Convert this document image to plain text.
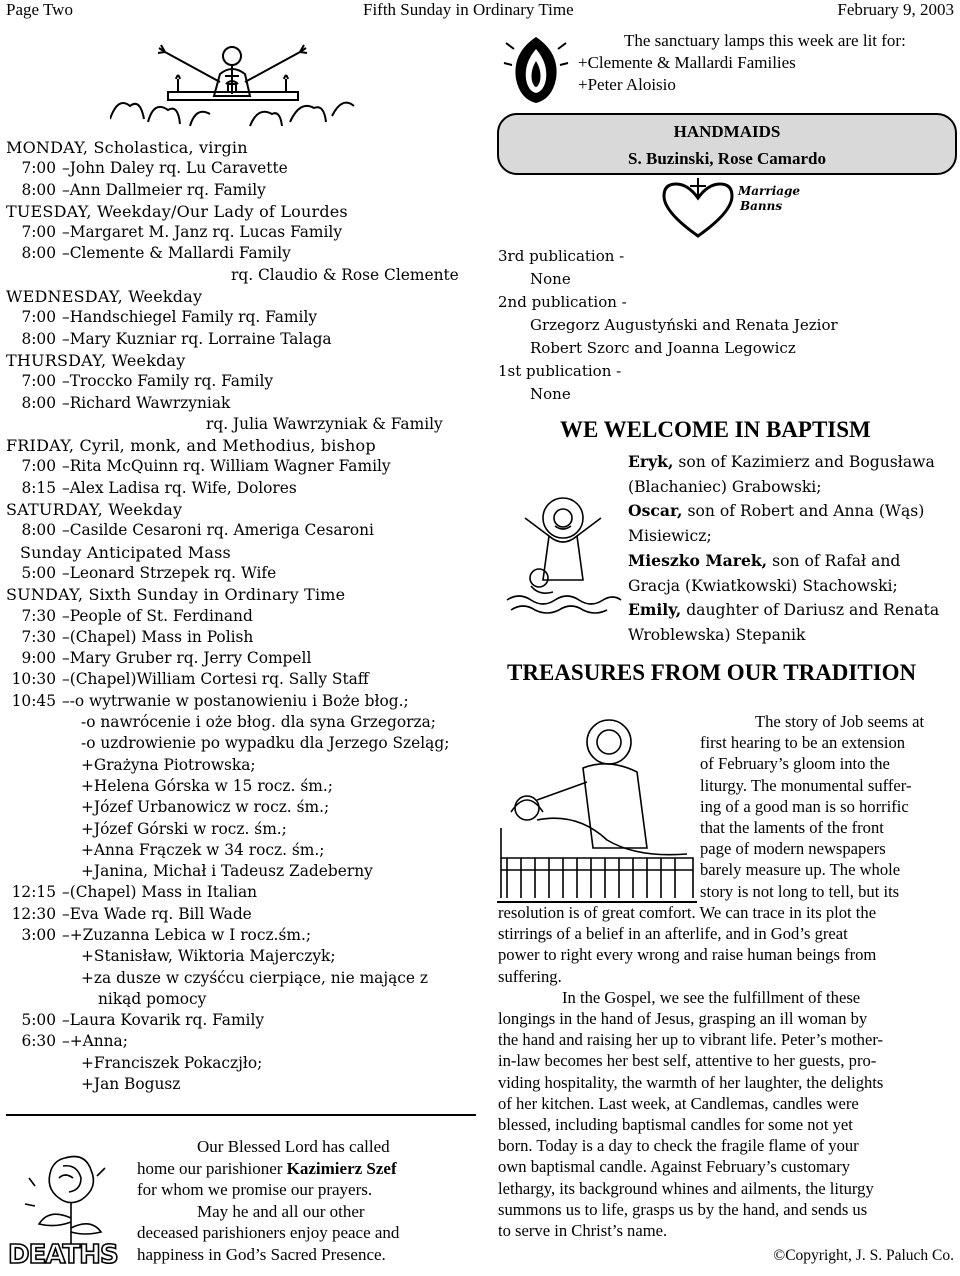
Page Two	Fifth Sunday in Ordinary Time	February 9, 2003
MONDAY, Scholastica, virgin
7:00 –John Daley rq. Lu Caravette
8:00 –Ann Dallmeier rq. Family
TUESDAY, Weekday/Our Lady of Lourdes
7:00 –Margaret M. Janz rq. Lucas Family
8:00 –Clemente & Mallardi Family
rq. Claudio & Rose Clemente
WEDNESDAY, Weekday
7:00 –Handschiegel Family rq. Family
8:00 –Mary Kuzniar rq. Lorraine Talaga
THURSDAY, Weekday
7:00 –Troccko Family rq. Family
8:00 –Richard Wawrzyniak
rq. Julia Wawrzyniak & Family
FRIDAY, Cyril, monk, and Methodius, bishop
7:00 –Rita McQuinn rq. William Wagner Family
8:15 –Alex Ladisa rq. Wife, Dolores
SATURDAY, Weekday
8:00 –Casilde Cesaroni rq. Ameriga Cesaroni
Sunday Anticipated Mass
5:00 –Leonard Strzepek rq. Wife
SUNDAY, Sixth Sunday in Ordinary Time
7:30 –People of St. Ferdinand
7:30 –(Chapel) Mass in Polish
9:00 –Mary Gruber rq. Jerry Compell
10:30 –(Chapel)William Cortesi rq. Sally Staff
10:45 –-o wytrwanie w postanowieniu i Boże błog.;
-o nawrócenie i оże błog. dla syna Grzegorza;
-o uzdrowienie po wypadku dla Jerzego Szeląg;
+Grażyna Piotrowska;
+Helena Górska w 15 rocz. śm.;
+Józef Urbanowicz w rocz. śm.;
+Józef Górski w rocz. śm.;
+Anna Frączek w 34 rocz. śm.;
+Janina, Michał i Tadeusz Zadeberny
12:15 –(Chapel) Mass in Italian
12:30 –Eva Wade rq. Bill Wade
3:00 –+Zuzanna Lebica w I rocz.śm.;
+Stanisław, Wiktoria Majerczyk;
+za dusze w czyśćcu cierpiące, nie mające z
nikąd pomocy
5:00 –Laura Kovarik rq. Family
6:30 –+Anna;
+Franciszek Pokaczjło;
+Jan Bogusz
The sanctuary lamps this week are lit for:
+Clemente & Mallardi Families
+Peter Aloisio
HANDMAIDS
S. Buzinski, Rose Camardo
Marriage
Banns
3rd publication -
None
2nd publication -
Grzegorz Augustyński and Renata Jezior
Robert Szorc and Joanna Legowicz
1st publication -
None
WE WELCOME IN BAPTISM
Eryk, son of Kazimierz and Bogusława (Blachaniec) Grabowski;
Oscar, son of Robert and Anna (Wąs) Misiewicz;
Mieszko Marek, son of Rafał and Gracja (Kwiatkowski) Stachowski;
Emily, daughter of Dariusz and Renata Wroblewska) Stepanik
TREASURES FROM OUR TRADITION
The story of Job seems at
first hearing to be an extension
of February’s gloom into the
liturgy. The monumental suffer-
ing of a good man is so horrific
that the laments of the front
page of modern newspapers
barely measure up. The whole
story is not long to tell, but its
resolution is of great comfort. We can trace in its plot the
stirrings of a belief in an afterlife, and in God’s great
power to right every wrong and raise human beings from
suffering.
In the Gospel, we see the fulfillment of these
longings in the hand of Jesus, grasping an ill woman by
the hand and raising her up to vibrant life. Peter’s mother-
in-law becomes her best self, attentive to her guests, pro-
viding hospitality, the warmth of her laughter, the delights
of her kitchen. Last week, at Candlemas, candles were
blessed, including baptismal candles for some not yet
born. Today is a day to check the fragile flame of your
own baptismal candle. Against February’s customary
lethargy, its background whines and ailments, the liturgy
summons us to life, grasps us by the hand, and sends us
to serve in Christ’s name.
©Copyright, J. S. Paluch Co.
DEATHS
Our Blessed Lord has called
home our parishioner Kazimierz Szef
for whom we promise our prayers.
May he and all our other
deceased parishioners enjoy peace and
happiness in God’s Sacred Presence.
